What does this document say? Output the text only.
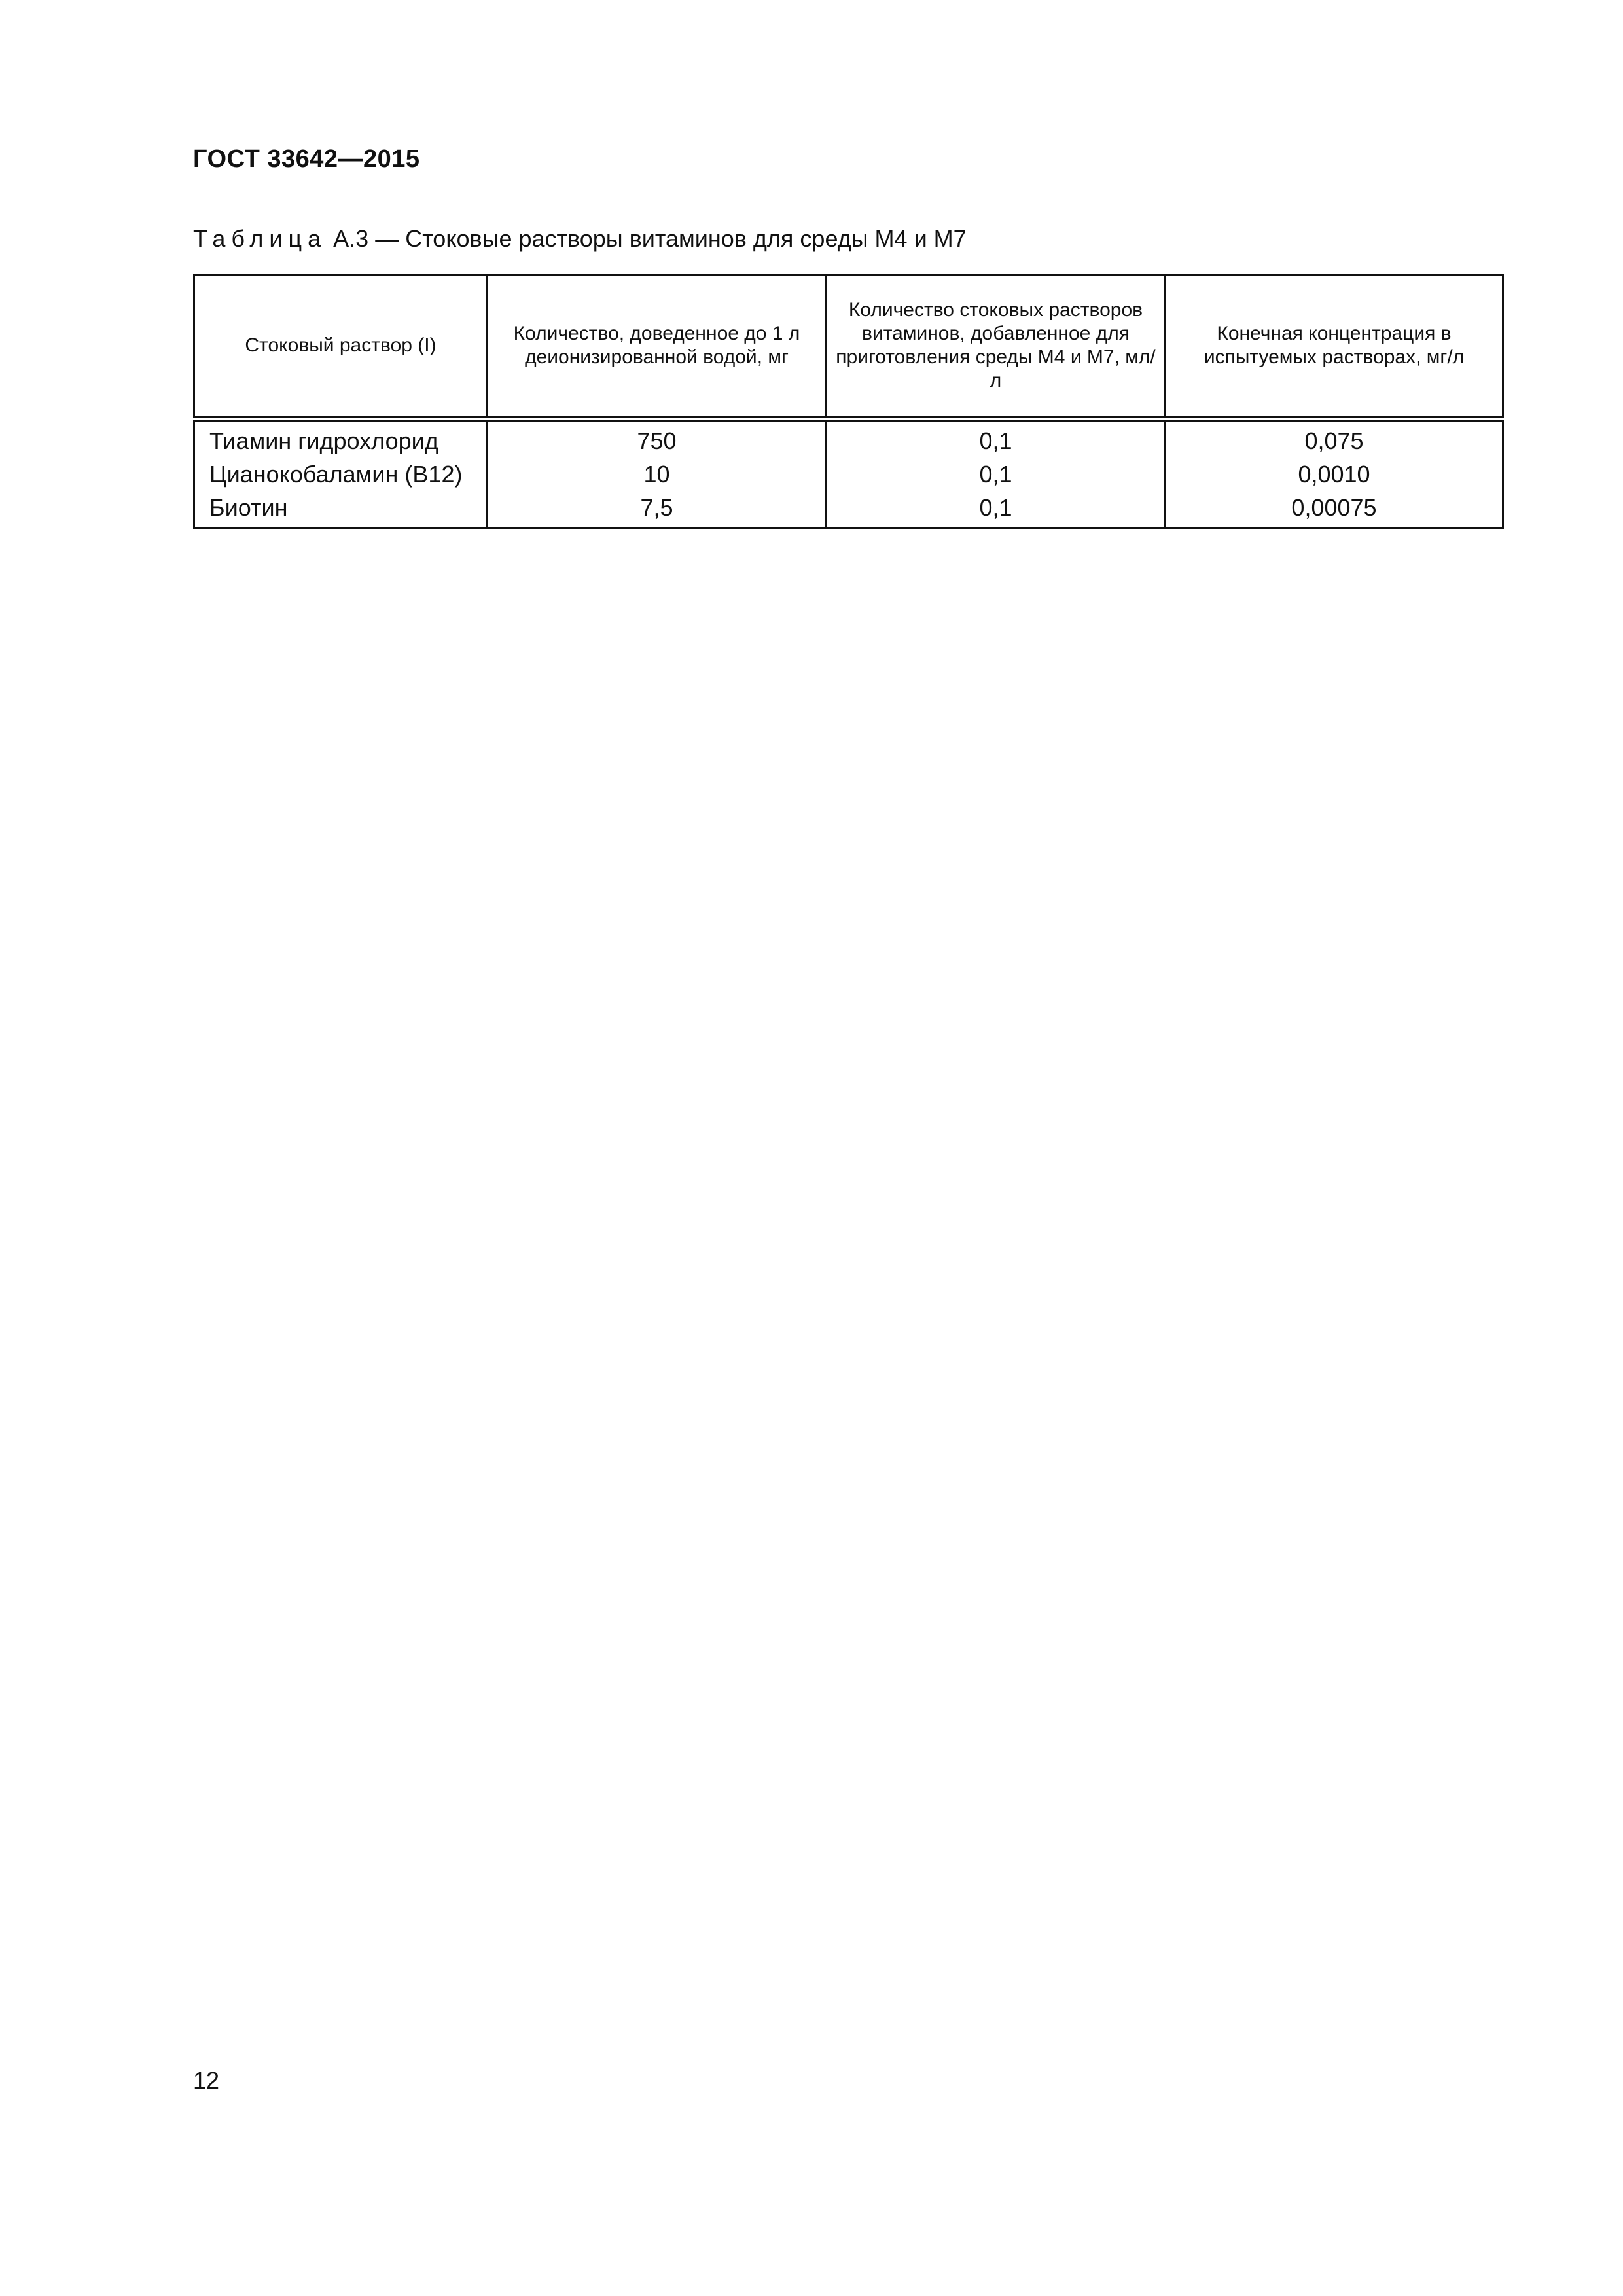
ГОСТ 33642—2015
Таблица А.3 — Стоковые растворы витаминов для среды М4 и М7
Стоковый раствор (I)	Количество, доведенное до 1 л деионизированной водой, мг	Количество стоковых растворов витаминов, добавленное для приготовления среды М4 и М7, мл/л	Конечная концентрация в испытуемых растворах, мг/л
Тиамин гидрохлорид	750	0,1	0,075
Цианокобаламин (В12)	10	0,1	0,0010
Биотин	7,5	0,1	0,00075
12
